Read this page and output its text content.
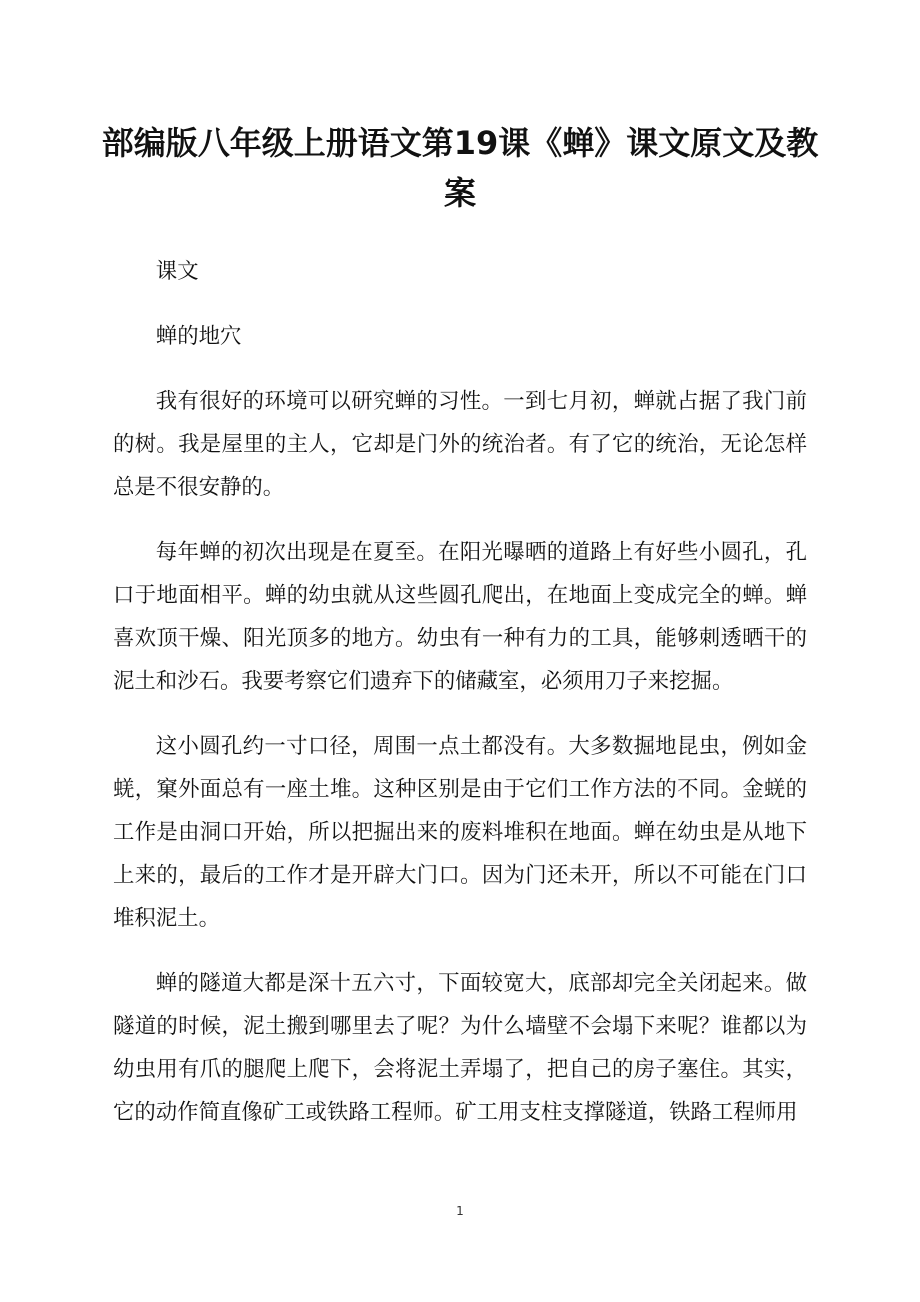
部编版八年级上册语文第19课《蝉》课文原文及教案

课文

蝉的地穴

我有很好的环境可以研究蝉的习性。一到七月初，蝉就占据了我门前的树。我是屋里的主人，它却是门外的统治者。有了它的统治，无论怎样总是不很安静的。

每年蝉的初次出现是在夏至。在阳光曝晒的道路上有好些小圆孔，孔口于地面相平。蝉的幼虫就从这些圆孔爬出，在地面上变成完全的蝉。蝉喜欢顶干燥、阳光顶多的地方。幼虫有一种有力的工具，能够刺透晒干的泥土和沙石。我要考察它们遗弃下的储藏室，必须用刀子来挖掘。

这小圆孔约一寸口径，周围一点土都没有。大多数掘地昆虫，例如金蜣，窠外面总有一座土堆。这种区别是由于它们工作方法的不同。金蜣的工作是由洞口开始，所以把掘出来的废料堆积在地面。蝉在幼虫是从地下上来的，最后的工作才是开辟大门口。因为门还未开，所以不可能在门口堆积泥土。

蝉的隧道大都是深十五六寸，下面较宽大，底部却完全关闭起来。做隧道的时候，泥土搬到哪里去了呢？为什么墙壁不会塌下来呢？谁都以为幼虫用有爪的腿爬上爬下，会将泥土弄塌了，把自己的房子塞住。其实，它的动作简直像矿工或铁路工程师。矿工用支柱支撑隧道，铁路工程师用

1
